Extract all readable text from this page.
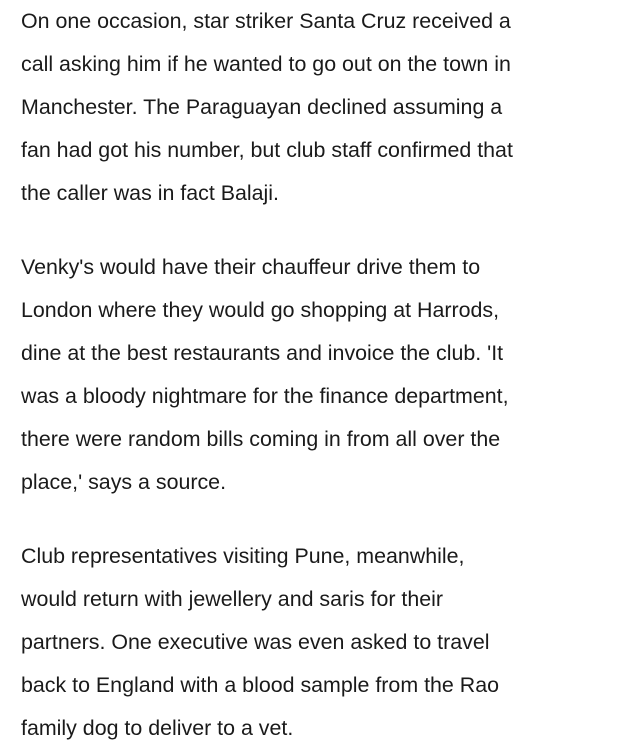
On one occasion, star striker Santa Cruz received a
call asking him if he wanted to go out on the town in
Manchester. The Paraguayan declined assuming a
fan had got his number, but club staff confirmed that
the caller was in fact Balaji.

Venky's would have their chauffeur drive them to
London where they would go shopping at Harrods,
dine at the best restaurants and invoice the club. 'It
was a bloody nightmare for the finance department,
there were random bills coming in from all over the
place,' says a source.

Club representatives visiting Pune, meanwhile,
would return with jewellery and saris for their
partners. One executive was even asked to travel
back to England with a blood sample from the Rao
family dog to deliver to a vet.
